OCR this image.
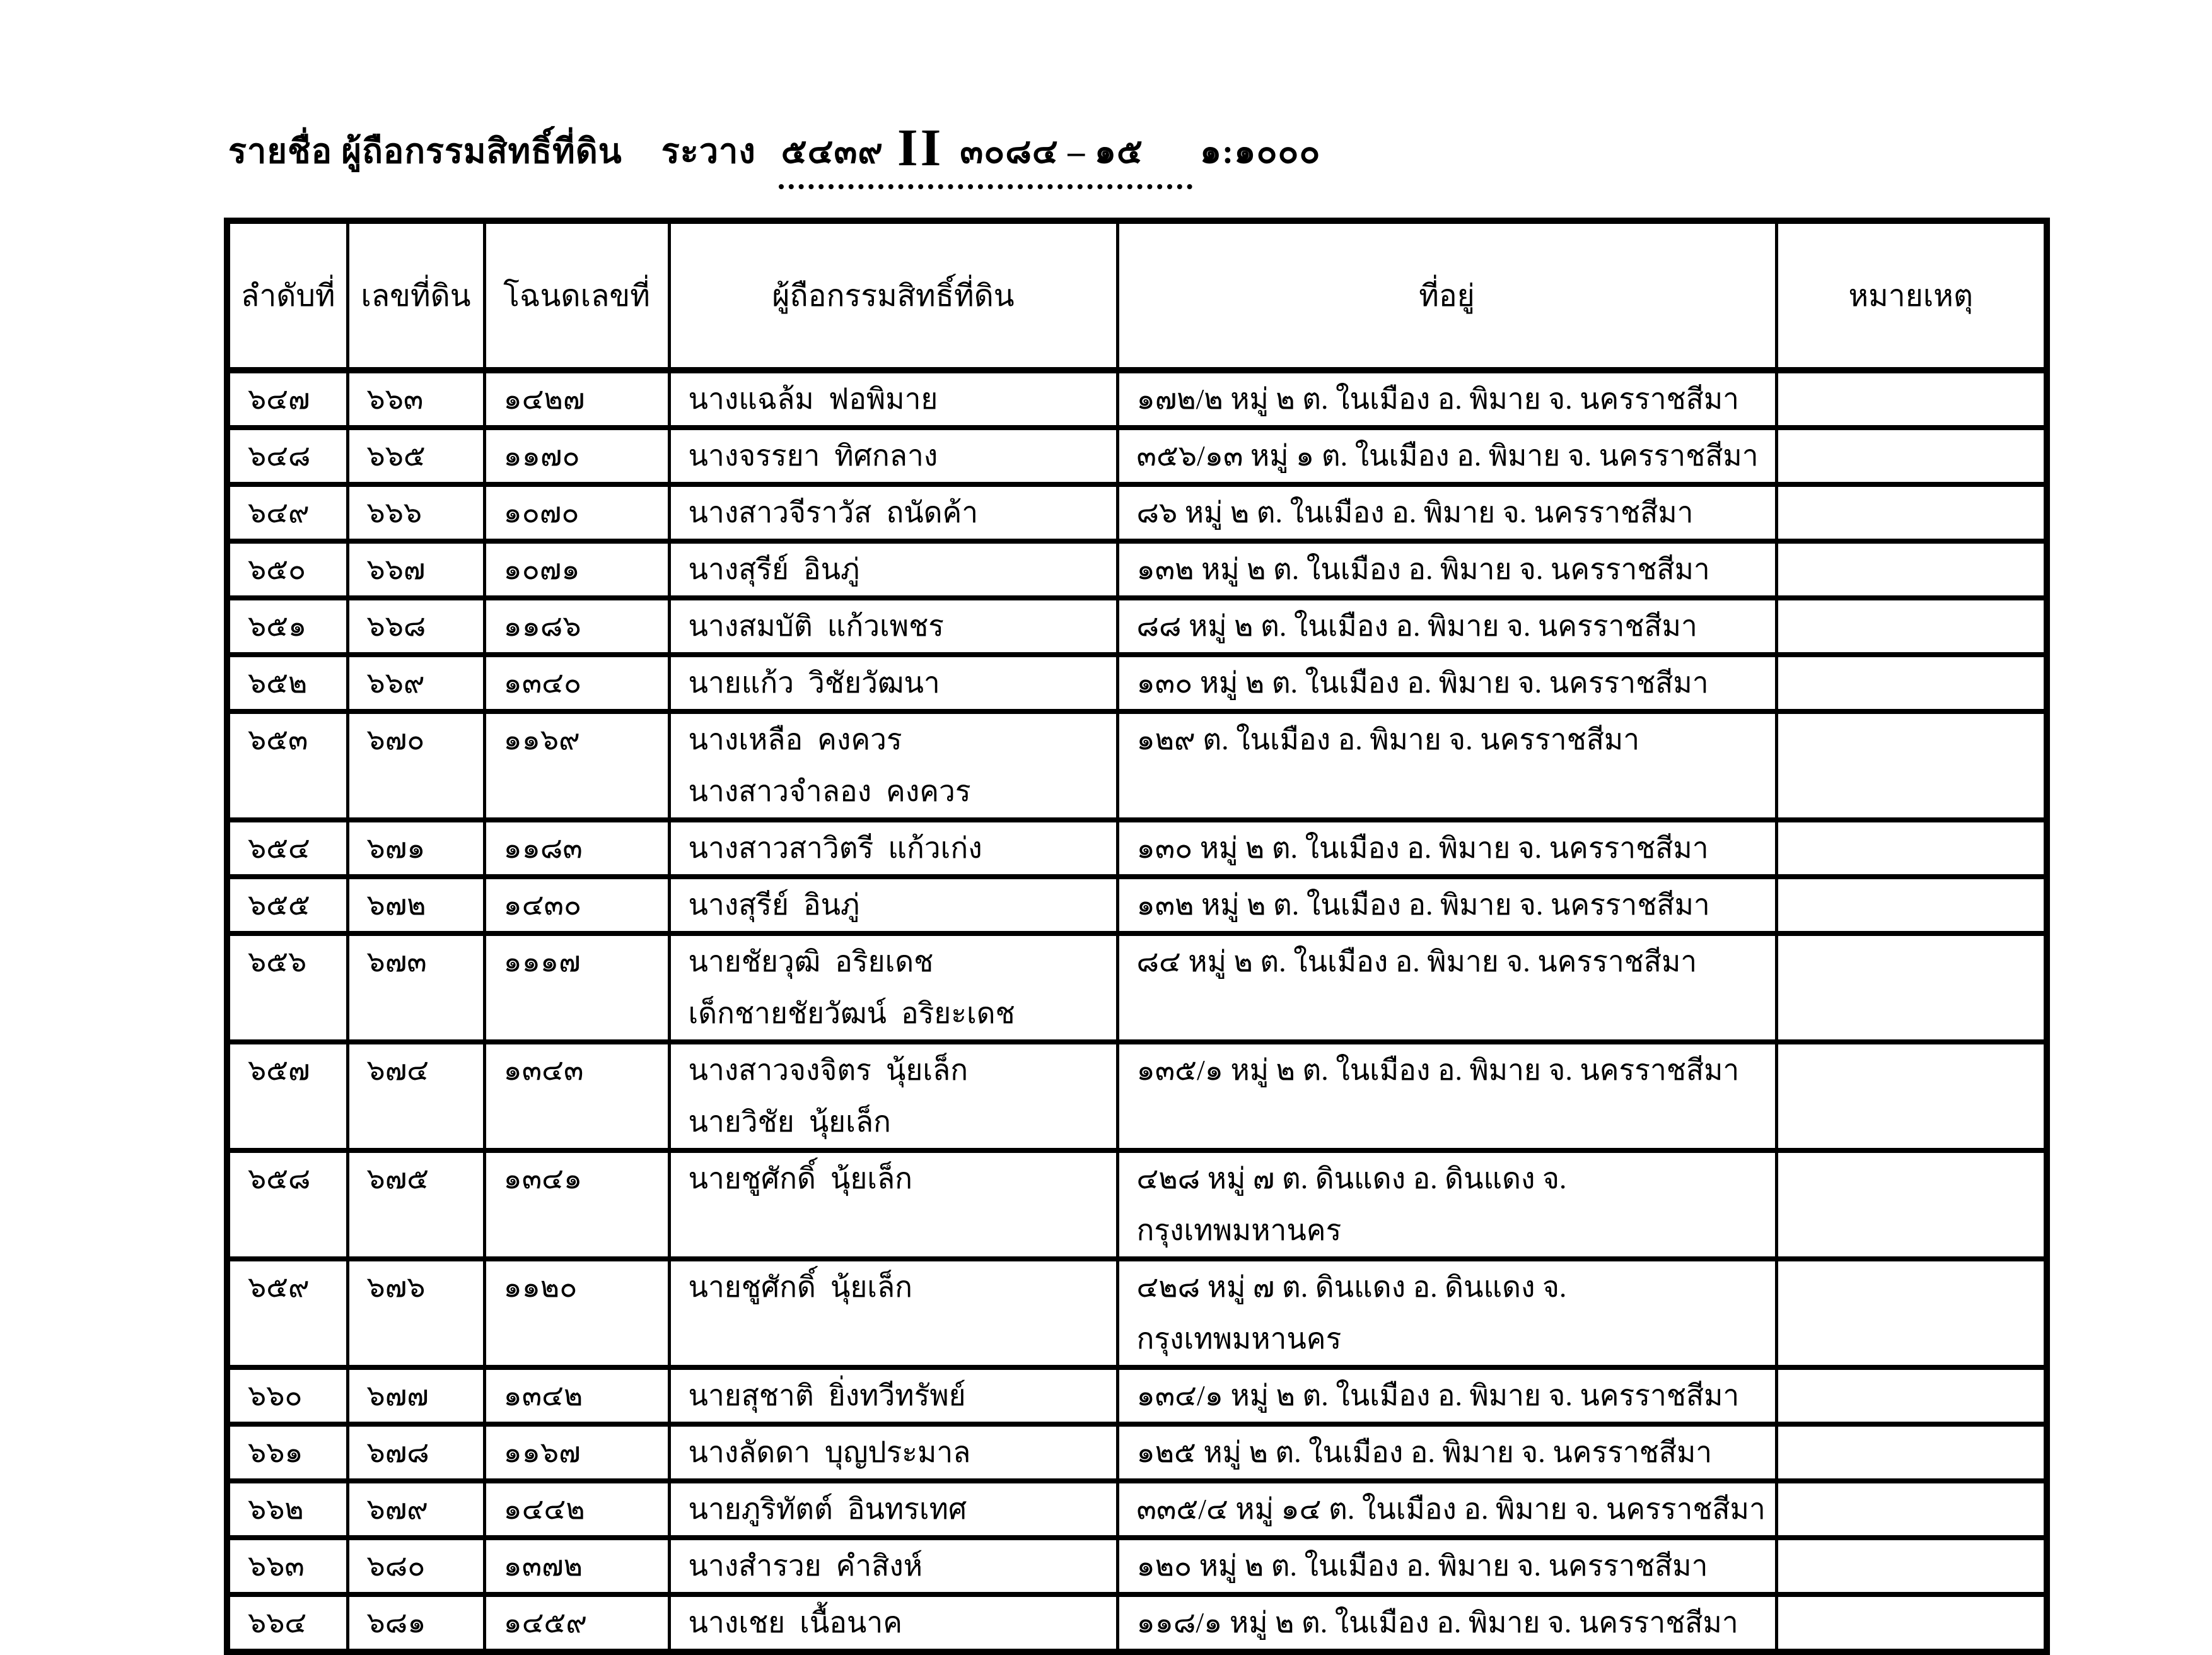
รายชื่อ ผู้ถือกรรมสิทธิ์ที่ดิน ระวาง ๕๔๓๙ II ๓๐๘๔ – ๑๕ ๑:๑๐๐๐
ลำดับที่	เลขที่ดิน	โฉนดเลขที่	ผู้ถือกรรมสิทธิ์ที่ดิน	ที่อยู่	หมายเหตุ
๖๔๗	๖๖๓	๑๔๒๗	นางแฉล้ม  ฟอพิมาย	๑๗๒/๒ หมู่ ๒ ต. ในเมือง อ. พิมาย จ. นครราชสีมา	

๖๔๘	๖๖๕	๑๑๗๐	นางจรรยา  ทิศกลาง	๓๕๖/๑๓ หมู่ ๑ ต. ในเมือง อ. พิมาย จ. นครราชสีมา	

๖๔๙	๖๖๖	๑๐๗๐	นางสาวจีราวัส  ถนัดค้า	๘๖ หมู่ ๒ ต. ในเมือง อ. พิมาย จ. นครราชสีมา	

๖๕๐	๖๖๗	๑๐๗๑	นางสุรีย์  อินภู่	๑๓๒ หมู่ ๒ ต. ในเมือง อ. พิมาย จ. นครราชสีมา	

๖๕๑	๖๖๘	๑๑๘๖	นางสมบัติ  แก้วเพชร	๘๘ หมู่ ๒ ต. ในเมือง อ. พิมาย จ. นครราชสีมา	

๖๕๒	๖๖๙	๑๓๔๐	นายแก้ว  วิชัยวัฒนา	๑๓๐ หมู่ ๒ ต. ในเมือง อ. พิมาย จ. นครราชสีมา	

๖๕๓	๖๗๐	๑๑๖๙	นางเหลือ  คงควร
นางสาวจำลอง  คงควร	๑๒๙ ต. ในเมือง อ. พิมาย จ. นครราชสีมา	

๖๕๔	๖๗๑	๑๑๘๓	นางสาวสาวิตรี  แก้วเก่ง	๑๓๐ หมู่ ๒ ต. ในเมือง อ. พิมาย จ. นครราชสีมา	

๖๕๕	๖๗๒	๑๔๓๐	นางสุรีย์  อินภู่	๑๓๒ หมู่ ๒ ต. ในเมือง อ. พิมาย จ. นครราชสีมา	

๖๕๖	๖๗๓	๑๑๑๗	นายชัยวุฒิ  อริยเดช
เด็กชายชัยวัฒน์  อริยะเดช	๘๔ หมู่ ๒ ต. ในเมือง อ. พิมาย จ. นครราชสีมา	

๖๕๗	๖๗๔	๑๓๔๓	นางสาวจงจิตร  นุ้ยเล็ก
นายวิชัย  นุ้ยเล็ก	๑๓๕/๑ หมู่ ๒ ต. ในเมือง อ. พิมาย จ. นครราชสีมา	

๖๕๘	๖๗๕	๑๓๔๑	นายชูศักดิ์  นุ้ยเล็ก	๔๒๘ หมู่ ๗ ต. ดินแดง อ. ดินแดง จ. กรุงเทพมหานคร	

๖๕๙	๖๗๖	๑๑๒๐	นายชูศักดิ์  นุ้ยเล็ก	๔๒๘ หมู่ ๗ ต. ดินแดง อ. ดินแดง จ. กรุงเทพมหานคร	

๖๖๐	๖๗๗	๑๓๔๒	นายสุชาติ  ยิ่งทวีทรัพย์	๑๓๔/๑ หมู่ ๒ ต. ในเมือง อ. พิมาย จ. นครราชสีมา	

๖๖๑	๖๗๘	๑๑๖๗	นางลัดดา  บุญประมาล	๑๒๕ หมู่ ๒ ต. ในเมือง อ. พิมาย จ. นครราชสีมา	

๖๖๒	๖๗๙	๑๔๔๒	นายภูริทัตต์  อินทรเทศ	๓๓๕/๔ หมู่ ๑๔ ต. ในเมือง อ. พิมาย จ. นครราชสีมา	

๖๖๓	๖๘๐	๑๓๗๒	นางสำรวย  คำสิงห์	๑๒๐ หมู่ ๒ ต. ในเมือง อ. พิมาย จ. นครราชสีมา	

๖๖๔	๖๘๑	๑๔๕๙	นางเชย  เนื้อนาค	๑๑๘/๑ หมู่ ๒ ต. ในเมือง อ. พิมาย จ. นครราชสีมา	
